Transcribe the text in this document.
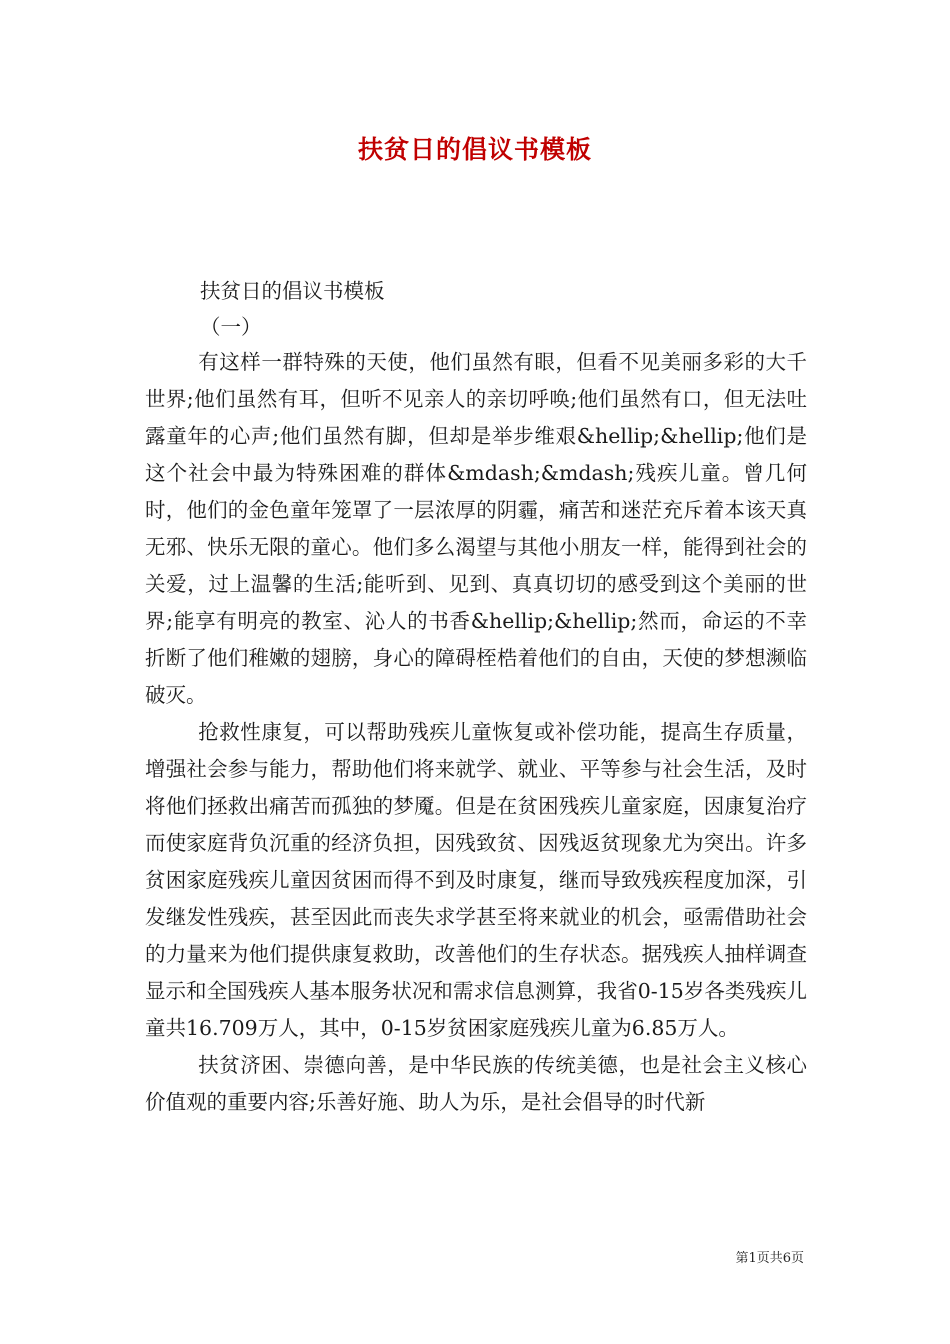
扶贫日的倡议书模板

扶贫日的倡议书模板

（一）

有这样一群特殊的天使，他们虽然有眼，但看不见美丽多彩的大千世界;他们虽然有耳，但听不见亲人的亲切呼唤;他们虽然有口，但无法吐露童年的心声;他们虽然有脚，但却是举步维艰&hellip;&hellip;他们是这个社会中最为特殊困难的群体&mdash;&mdash;残疾儿童。曾几何时，他们的金色童年笼罩了一层浓厚的阴霾，痛苦和迷茫充斥着本该天真无邪、快乐无限的童心。他们多么渴望与其他小朋友一样，能得到社会的关爱，过上温馨的生活;能听到、见到、真真切切的感受到这个美丽的世界;能享有明亮的教室、沁人的书香&hellip;&hellip;然而，命运的不幸折断了他们稚嫩的翅膀，身心的障碍桎梏着他们的自由，天使的梦想濒临破灭。

抢救性康复，可以帮助残疾儿童恢复或补偿功能，提高生存质量，增强社会参与能力，帮助他们将来就学、就业、平等参与社会生活，及时将他们拯救出痛苦而孤独的梦魇。但是在贫困残疾儿童家庭，因康复治疗而使家庭背负沉重的经济负担，因残致贫、因残返贫现象尤为突出。许多贫困家庭残疾儿童因贫困而得不到及时康复，继而导致残疾程度加深，引发继发性残疾，甚至因此而丧失求学甚至将来就业的机会，亟需借助社会的力量来为他们提供康复救助，改善他们的生存状态。据残疾人抽样调查显示和全国残疾人基本服务状况和需求信息测算，我省0-15岁各类残疾儿童共16.709万人，其中，0-15岁贫困家庭残疾儿童为6.85万人。

扶贫济困、崇德向善，是中华民族的传统美德，也是社会主义核心价值观的重要内容;乐善好施、助人为乐，是社会倡导的时代新

第1页共6页
